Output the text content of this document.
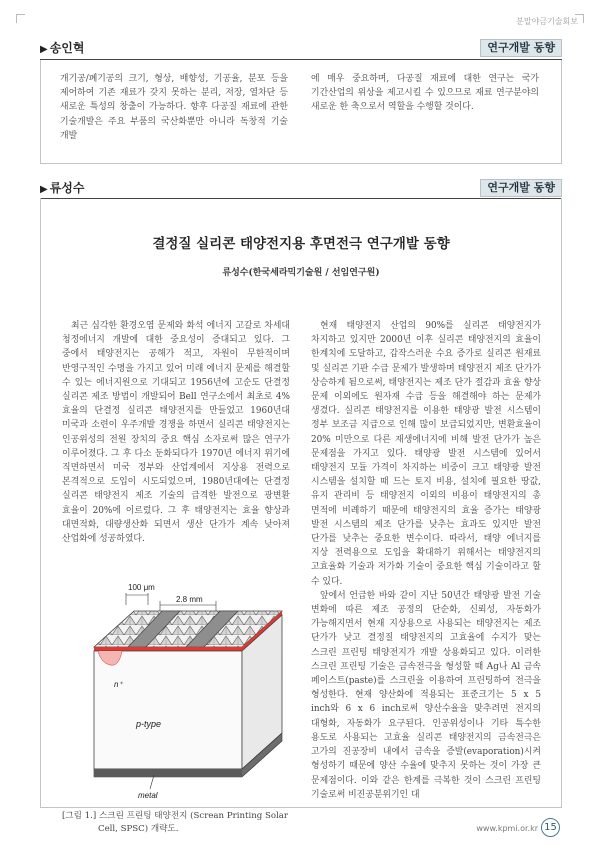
분말야금기술회보
▶ 송인혁	연구개발 동향

개기공/폐기공의 크기, 형상, 배향성, 기공율, 분포 등을 제어하여 기존 재료가 갖지 못하는 분리, 저장, 열차단 등 새로운 특성의 창출이 가능하다. 향후 다공질 재료에 관한 기술개발은 주요 부품의 국산화뿐만 아니라 독창적 기술 개발

에 매우 중요하며, 다공질 재료에 대한 연구는 국가 기간산업의 위상을 제고시킬 수 있으므로 재료 연구분야의 새로운 한 축으로서 역할을 수행할 것이다.

▶ 류성수	연구개발 동향
결정질 실리콘 태양전지용 후면전극 연구개발 동향
류성수(한국세라믹기술원 / 선임연구원)

최근 심각한 환경오염 문제와 화석 에너지 고갈로 차세대 청정에너지 개발에 대한 중요성이 증대되고 있다. 그 중에서 태양전지는 공해가 적고, 자원이 무한적이며 반영구적인 수명을 가지고 있어 미래 에너지 문제를 해결할 수 있는 에너지원으로 기대되고 1956년에 고순도 단결정 실리콘 제조 방법이 개발되어 Bell 연구소에서 최초로 4% 효율의 단결정 실리콘 태양전지를 만들었고 1960년대 미국과 소련이 우주개발 경쟁을 하면서 실리콘 태양전지는 인공위성의 전원 장치의 중요 핵심 소자로써 많은 연구가 이루어졌다. 그 후 다소 둔화되다가 1970년 에너지 위기에 직면하면서 미국 정부와 산업계에서 지상용 전력으로 본격적으로 도입이 시도되었으며, 1980년대에는 단결정 실리콘 태양전지 제조 기술의 급격한 발전으로 광변환 효율이 20%에 이르렀다. 그 후 태양전지는 효율 향상과 대면적화, 대량생산화 되면서 생산 단가가 계속 낮아져 산업화에 성공하였다.

현재 태양전지 산업의 90%를 실리콘 태양전지가 차지하고 있지만 2000년 이후 실리콘 태양전지의 효율이 한계치에 도달하고, 갑작스러운 수요 증가로 실리콘 원재료 및 실리콘 기판 수급 문제가 발생하며 태양전지 제조 단가가 상승하게 됨으로써, 태양전지는 제조 단가 절감과 효율 향상 문제 이외에도 원자재 수급 등을 해결해야 하는 문제가 생겼다. 실리콘 태양전지를 이용한 태양광 발전 시스템이 정부 보조금 지급으로 인해 많이 보급되었지만, 변환효율이 20% 미만으로 다른 재생에너지에 비해 발전 단가가 높은 문제점을 가지고 있다. 태양광 발전 시스템에 있어서 태양전지 모듈 가격이 차지하는 비중이 크고 태양광 발전 시스템을 설치할 때 드는 토지 비용, 설치에 필요한 땅값, 유지 관리비 등 태양전지 이외의 비용이 태양전지의 총 면적에 비례하기 때문에 태양전지의 효율 증가는 태양광 발전 시스템의 제조 단가를 낮추는 효과도 있지만 발전 단가를 낮추는 중요한 변수이다. 따라서, 태양 에너지를 지상 전력용으로 도입을 확대하기 위해서는 태양전지의 고효율화 기술과 저가화 기술이 중요한 핵심 기술이라고 할 수 있다.

앞에서 언급한 바와 같이 지난 50년간 태양광 발전 기술 변화에 따른 제조 공정의 단순화, 신뢰성, 자동화가 가능해지면서 현재 지상용으로 사용되는 태양전지는 제조 단가가 낮고 결정질 태양전지의 고효율에 수지가 맞는 스크린 프린팅 태양전지가 개발 상용화되고 있다. 이러한 스크린 프린팅 기술은 금속전극을 형성할 때 Ag나 Al 금속 페이스트(paste)를 스크린을 이용하여 프린팅하여 전극을 형성한다. 현재 양산화에 적용되는 표준크기는 5 x 5 inch와 6 x 6 inch로써 양산수율을 맞추려면 전지의 대형화, 자동화가 요구된다. 인공위성이나 기타 특수한 용도로 사용되는 고효율 실리콘 태양전지의 금속전극은 고가의 진공장비 내에서 금속을 증발(evaporation)시켜 형성하기 때문에 양산 수율에 맞추지 못하는 것이 가장 큰 문제점이다. 이와 같은 한계를 극복한 것이 스크린 프린팅 기술로써 비진공분위기인 대

100 μm
2.8 mm
n⁺
p-type
metal
[그림 1.] 스크린 프린팅 태양전지 (Screan Printing Solar
Cell, SPSC) 개략도.	www.kpmi.or.kr 15
